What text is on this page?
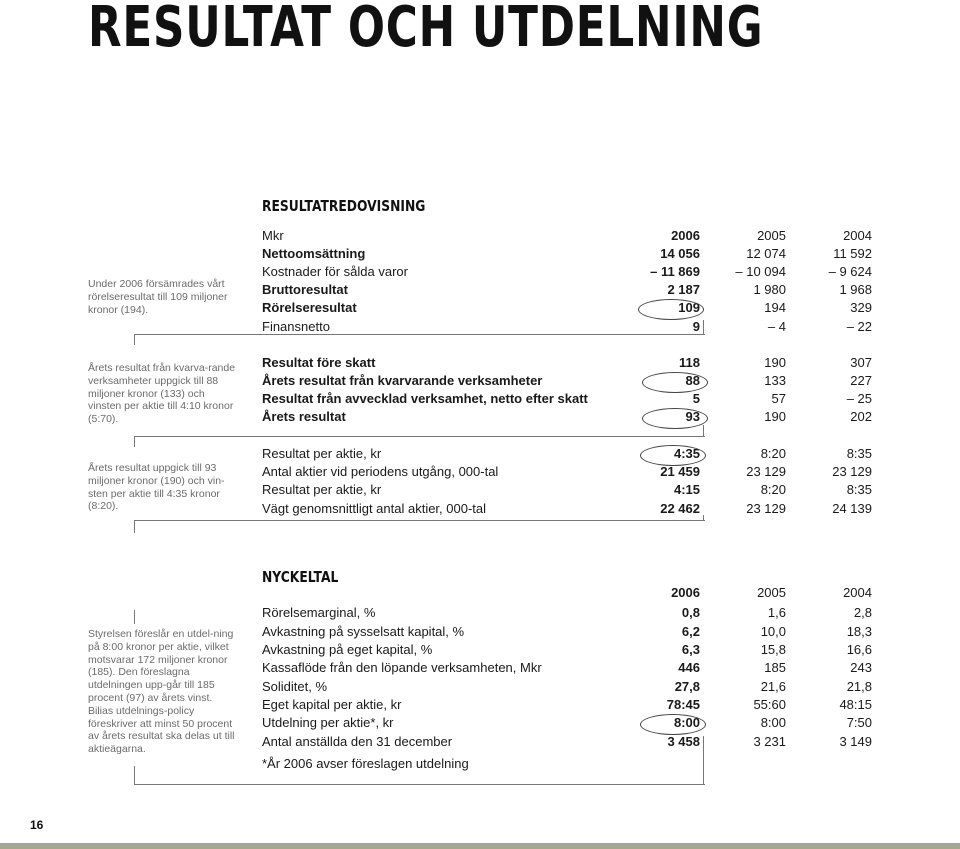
RESULTAT OCH UTDELNING
Under 2006 försämrades vårt rörelseresultat till 109 miljoner kronor (194).
Årets resultat från kvarva-rande verksamheter uppgick till 88 miljoner kronor (133) och vinsten per aktie till 4:10 kronor (5:70).
Årets resultat uppgick till 93 miljoner kronor (190) och vin-sten per aktie till 4:35 kronor (8:20).
Styrelsen föreslår en utdel-ning på 8:00 kronor per aktie, vilket motsvarar 172 miljoner kronor (185). Den föreslagna utdelningen upp-går till 185 procent (97) av årets vinst. Bilias utdelnings-policy föreskriver att minst 50 procent av årets resultat ska delas ut till aktieägarna.
RESULTATREDOVISNING
Mkr	2006	2005	2004
Nettoomsättning	14 056	12 074	11 592
Kostnader för sålda varor	– 11 869	– 10 094	– 9 624
Bruttoresultat	2 187	1 980	1 968
Rörelseresultat	109	194	329
Finansnetto	9	– 4	– 22
Resultat före skatt	118	190	307
Årets resultat från kvarvarande verksamheter	88	133	227
Resultat från avvecklad verksamhet, netto efter skatt	5	57	– 25
Årets resultat	93	190	202
Resultat per aktie, kr	4:35	8:20	8:35
Antal aktier vid periodens utgång, 000-tal	21 459	23 129	23 129
Resultat per aktie, kr	4:15	8:20	8:35
Vägt genomsnittligt antal aktier, 000-tal	22 462	23 129	24 139
NYCKELTAL
2006	2005	2004
Rörelsemarginal, %	0,8	1,6	2,8
Avkastning på sysselsatt kapital, %	6,2	10,0	18,3
Avkastning på eget kapital, %	6,3	15,8	16,6
Kassaflöde från den löpande verksamheten, Mkr	446	185	243
Soliditet, %	27,8	21,6	21,8
Eget kapital per aktie, kr	78:45	55:60	48:15
Utdelning per aktie*, kr	8:00	8:00	7:50
Antal anställda den 31 december	3 458	3 231	3 149
*År 2006 avser föreslagen utdelning
16
